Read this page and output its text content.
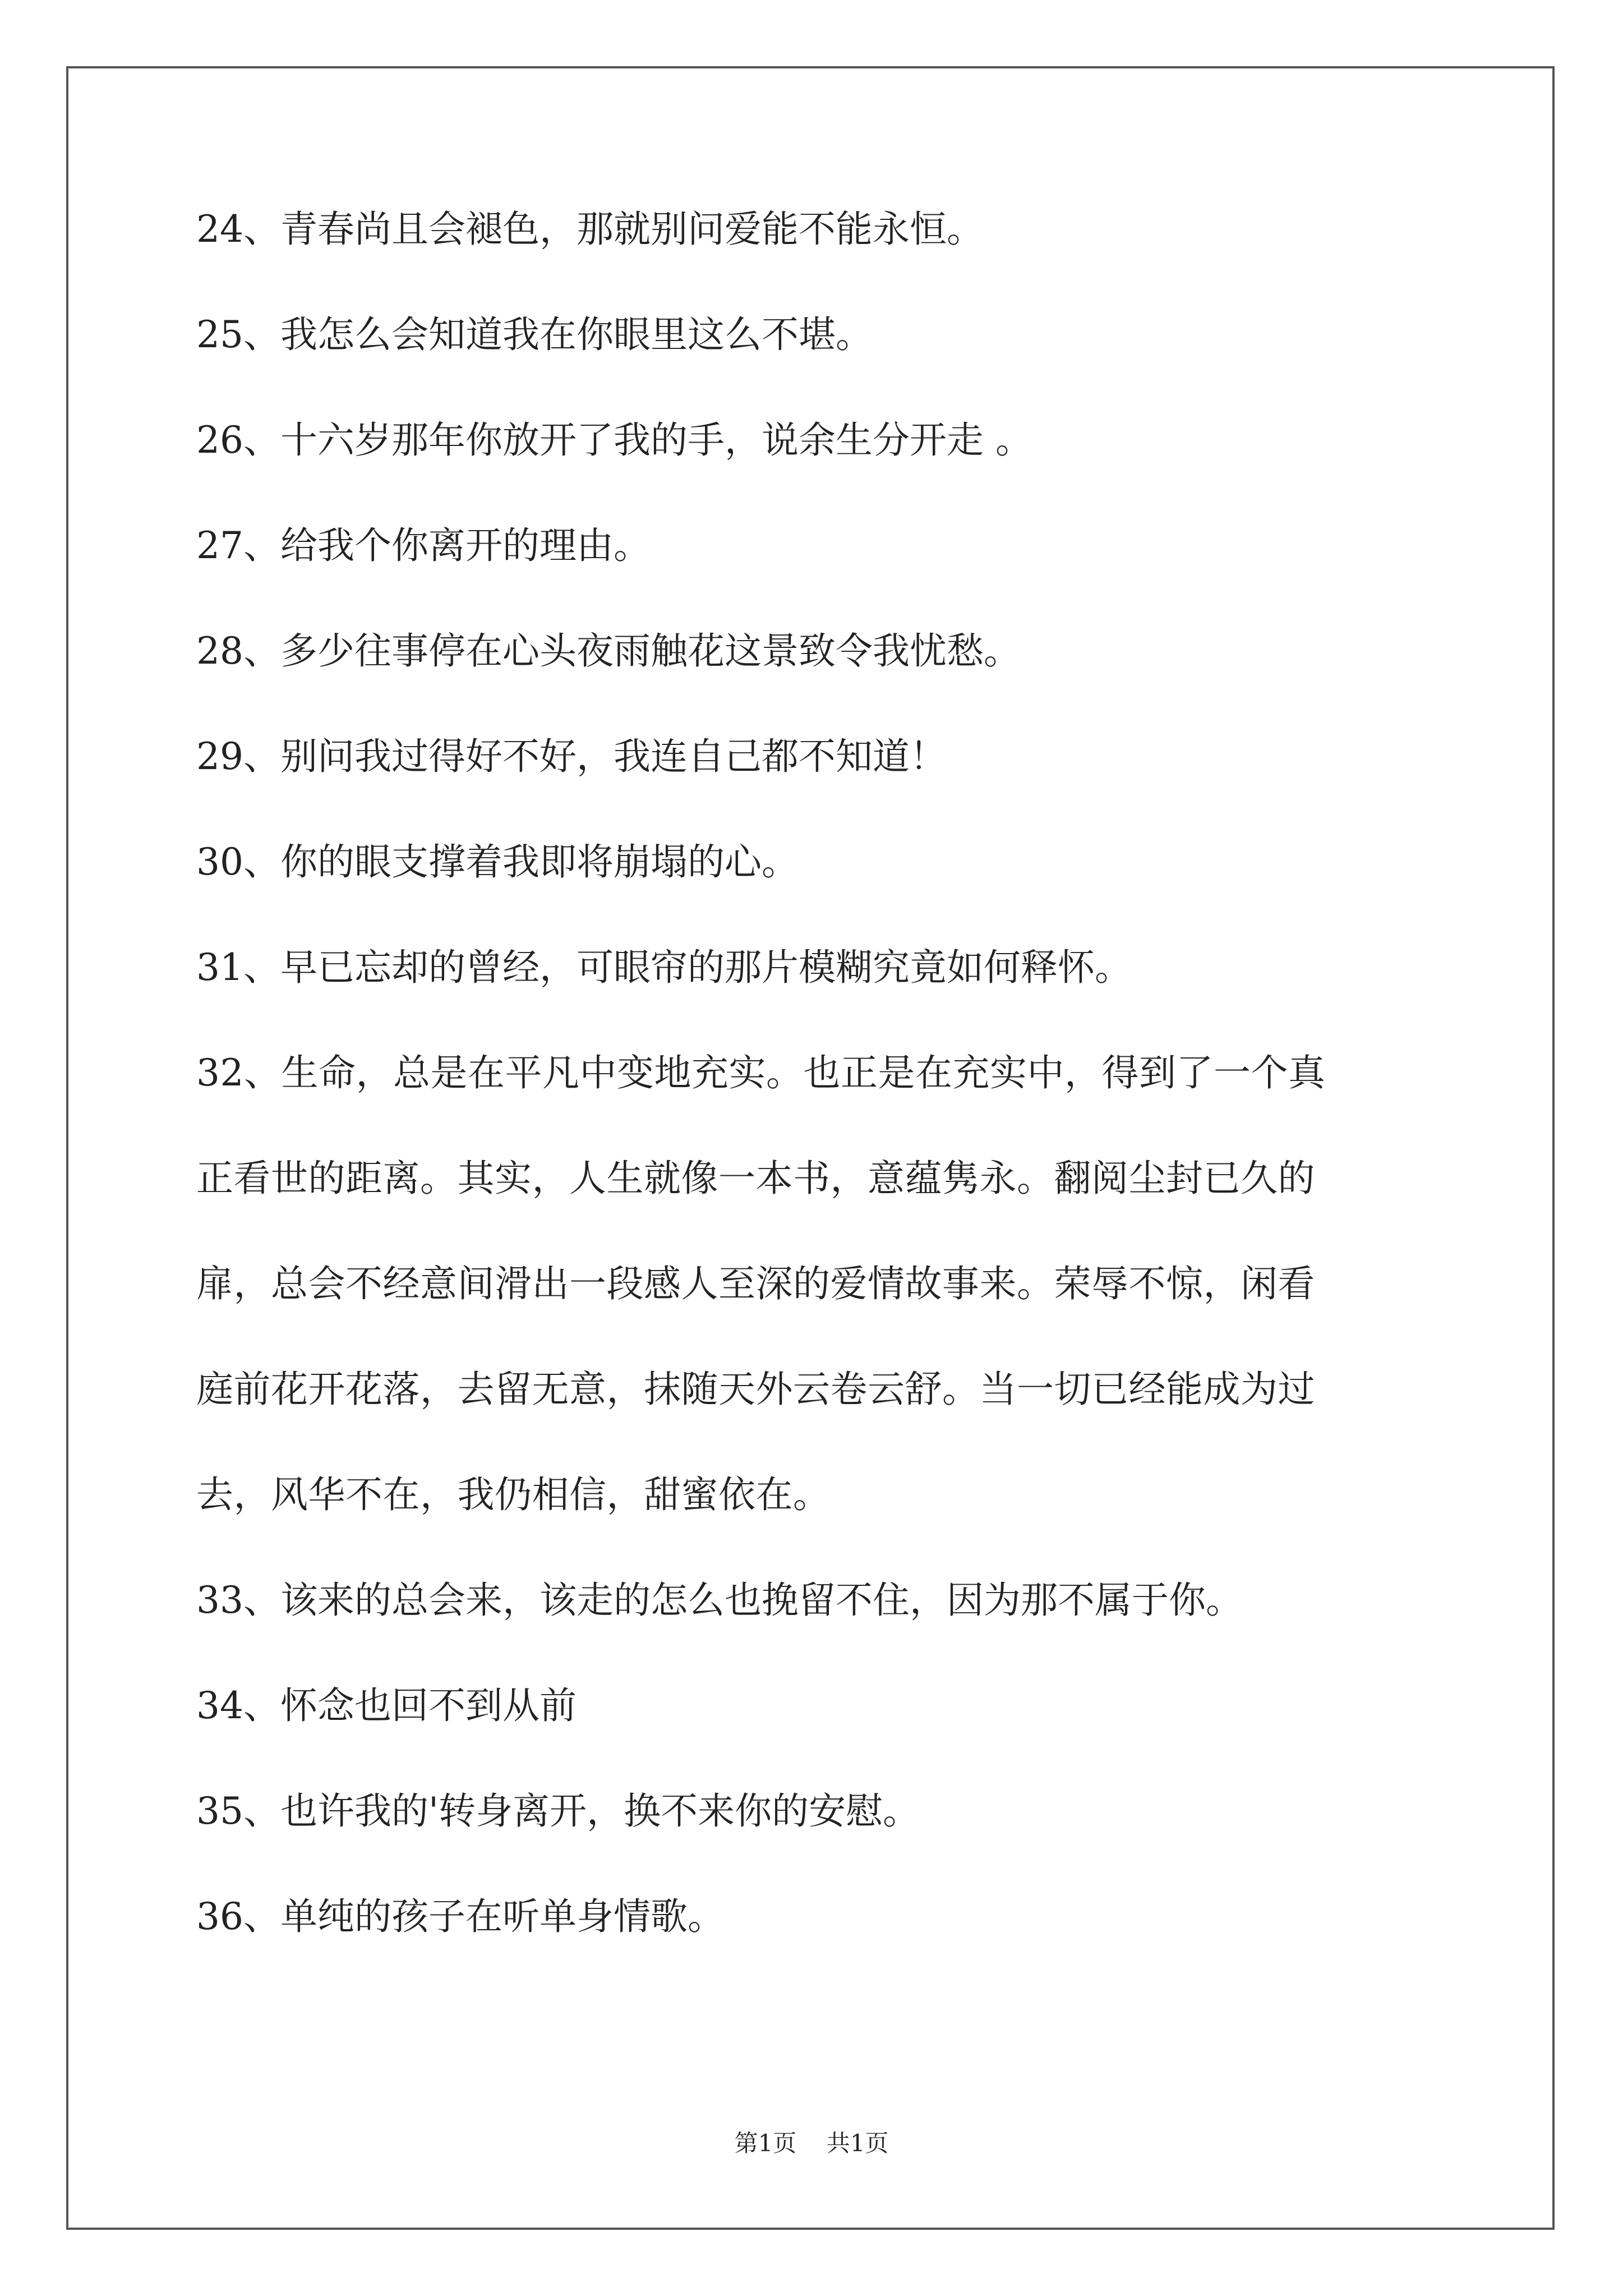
24、青春尚且会褪色，那就别问爱能不能永恒。
25、我怎么会知道我在你眼里这么不堪。
26、十六岁那年你放开了我的手，说余生分开走 。
27、给我个你离开的理由。
28、多少往事停在心头夜雨触花这景致令我忧愁。
29、别问我过得好不好，我连自己都不知道！
30、你的眼支撑着我即将崩塌的心。
31、早已忘却的曾经，可眼帘的那片模糊究竟如何释怀。
32、生命，总是在平凡中变地充实。也正是在充实中，得到了一个真
正看世的距离。其实，人生就像一本书，意蕴隽永。翻阅尘封已久的
扉，总会不经意间滑出一段感人至深的爱情故事来。荣辱不惊，闲看
庭前花开花落，去留无意，抹随天外云卷云舒。当一切已经能成为过
去，风华不在，我仍相信，甜蜜依在。
33、该来的总会来，该走的怎么也挽留不住，因为那不属于你。
34、怀念也回不到从前
35、也许我的'转身离开，换不来你的安慰。
36、单纯的孩子在听单身情歌。
第1页 共1页
